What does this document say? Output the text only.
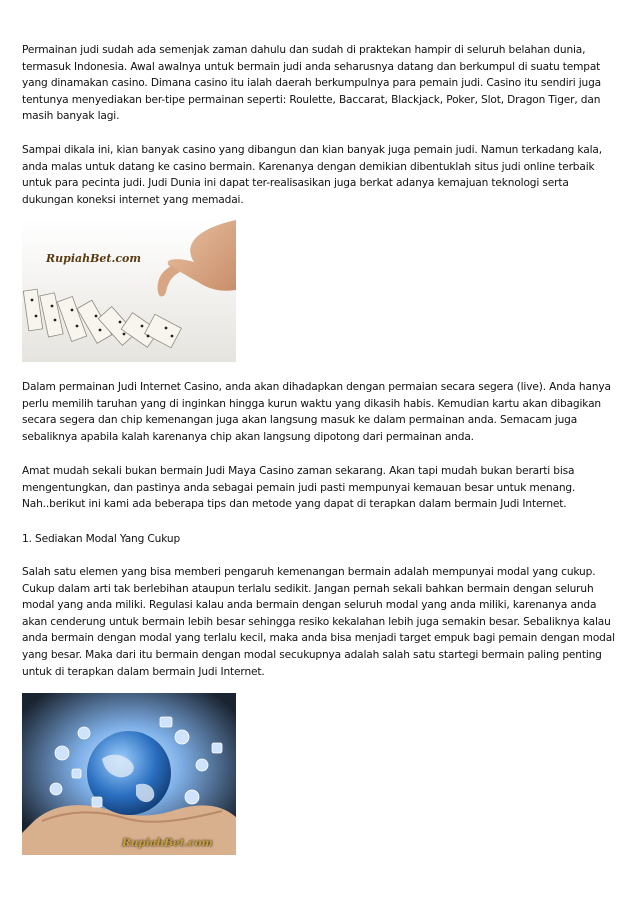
Permainan judi sudah ada semenjak zaman dahulu dan sudah di praktekan hampir di seluruh belahan dunia, termasuk Indonesia. Awal awalnya untuk bermain judi anda seharusnya datang dan berkumpul di suatu tempat yang dinamakan casino. Dimana casino itu ialah daerah berkumpulnya para pemain judi. Casino itu sendiri juga tentunya menyediakan ber-tipe permainan seperti: Roulette, Baccarat, Blackjack, Poker, Slot, Dragon Tiger, dan masih banyak lagi.

Sampai dikala ini, kian banyak casino yang dibangun dan kian banyak juga pemain judi. Namun terkadang kala, anda malas untuk datang ke casino bermain. Karenanya dengan demikian dibentuklah situs judi online terbaik untuk para pecinta judi. Judi Dunia ini dapat ter-realisasikan juga berkat adanya kemajuan teknologi serta dukungan koneksi internet yang memadai.

RupiahBet.com

Dalam permainan Judi Internet Casino, anda akan dihadapkan dengan permaian secara segera (live). Anda hanya perlu memilih taruhan yang di inginkan hingga kurun waktu yang dikasih habis. Kemudian kartu akan dibagikan secara segera dan chip kemenangan juga akan langsung masuk ke dalam permainan anda. Semacam juga sebaliknya apabila kalah karenanya chip akan langsung dipotong dari permainan anda.

Amat mudah sekali bukan bermain Judi Maya Casino zaman sekarang. Akan tapi mudah bukan berarti bisa mengentungkan, dan pastinya anda sebagai pemain judi pasti mempunyai kemauan besar untuk menang. Nah..berikut ini kami ada beberapa tips dan metode yang dapat di terapkan dalam bermain Judi Internet.

1. Sediakan Modal Yang Cukup

Salah satu elemen yang bisa memberi pengaruh kemenangan bermain adalah mempunyai modal yang cukup. Cukup dalam arti tak berlebihan ataupun terlalu sedikit. Jangan pernah sekali bahkan bermain dengan seluruh modal yang anda miliki. Regulasi kalau anda bermain dengan seluruh modal yang anda miliki, karenanya anda akan cenderung untuk bermain lebih besar sehingga resiko kekalahan lebih juga semakin besar. Sebaliknya kalau anda bermain dengan modal yang terlalu kecil, maka anda bisa menjadi target empuk bagi pemain dengan modal yang besar. Maka dari itu bermain dengan modal secukupnya adalah salah satu startegi bermain paling penting untuk di terapkan dalam bermain Judi Internet.

RupiahBet.com
